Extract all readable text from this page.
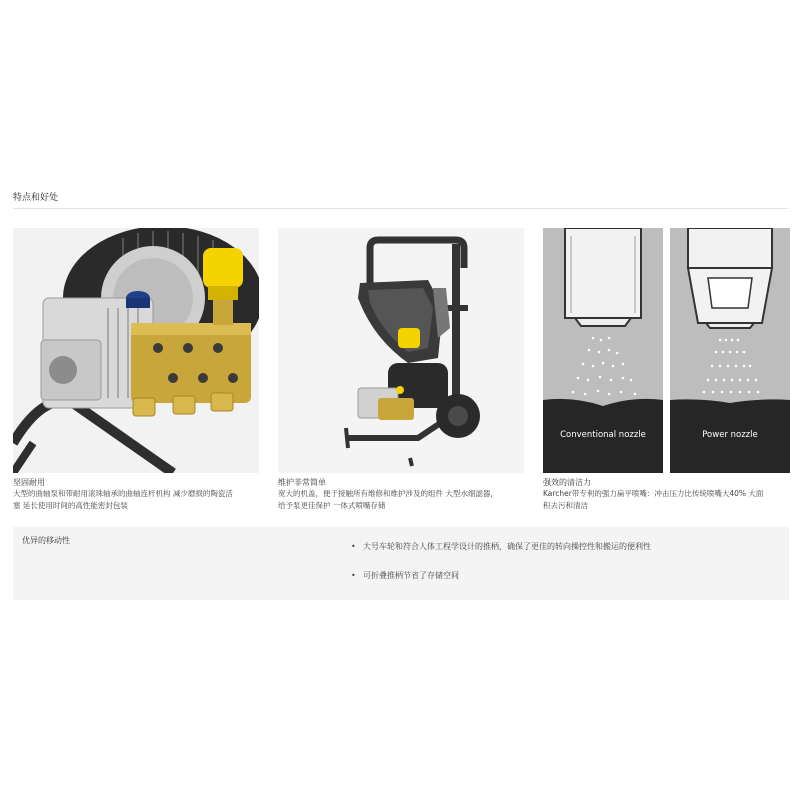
特点和好处
坚固耐用
大型的曲轴泵和带耐用滚珠轴承的曲轴连杆机构 减少磨损的陶瓷活
塞 延长使用时间的高性能密封包装
维护非常简单
宽大的机盖，便于接触所有维修和维护涉及的组件 大型水细滤器，
给予泵更佳保护 一体式喷嘴存储
Conventional nozzle	Power nozzle
强效的清洁力
Karcher带专利的强力扁平喷嘴：冲击压力比传统喷嘴大40% 大面
积去污和清洁
优异的移动性
• 大号车轮和符合人体工程学设计的推柄，确保了更佳的转向操控性和搬运的便利性
• 可折叠推柄节省了存储空间
